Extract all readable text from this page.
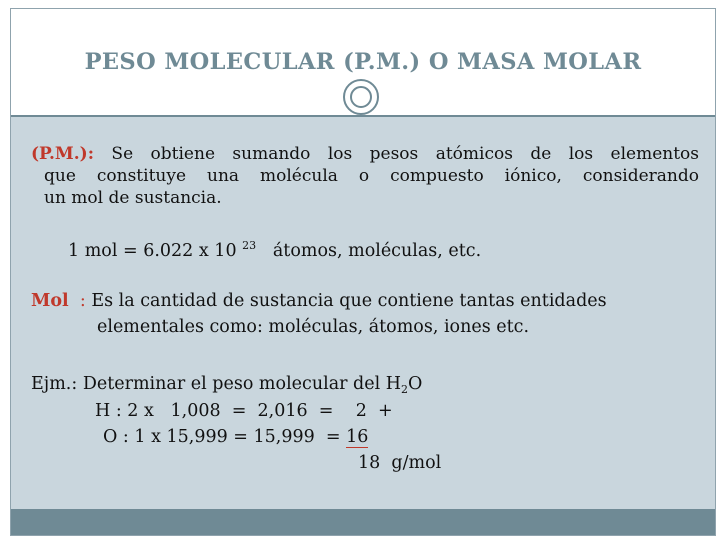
PESO MOLECULAR (P.M.) O MASA MOLAR
(P.M.): Se obtiene sumando los pesos atómicos de los elementos
que constituye una molécula o compuesto iónico, considerando
un mol de sustancia.
1 mol = 6.022 x 10 $^{23}$ átomos, moléculas, etc.
Mol : Es la cantidad de sustancia que contiene tantas entidades
elementales como: moléculas, átomos, iones etc.
Ejm.: Determinar el peso molecular del $H_2O$
H : 2 x   1,008  =  2,016  =    2  +
O : 1 x 15,999 = 15,999  = 16
18  g/mol
